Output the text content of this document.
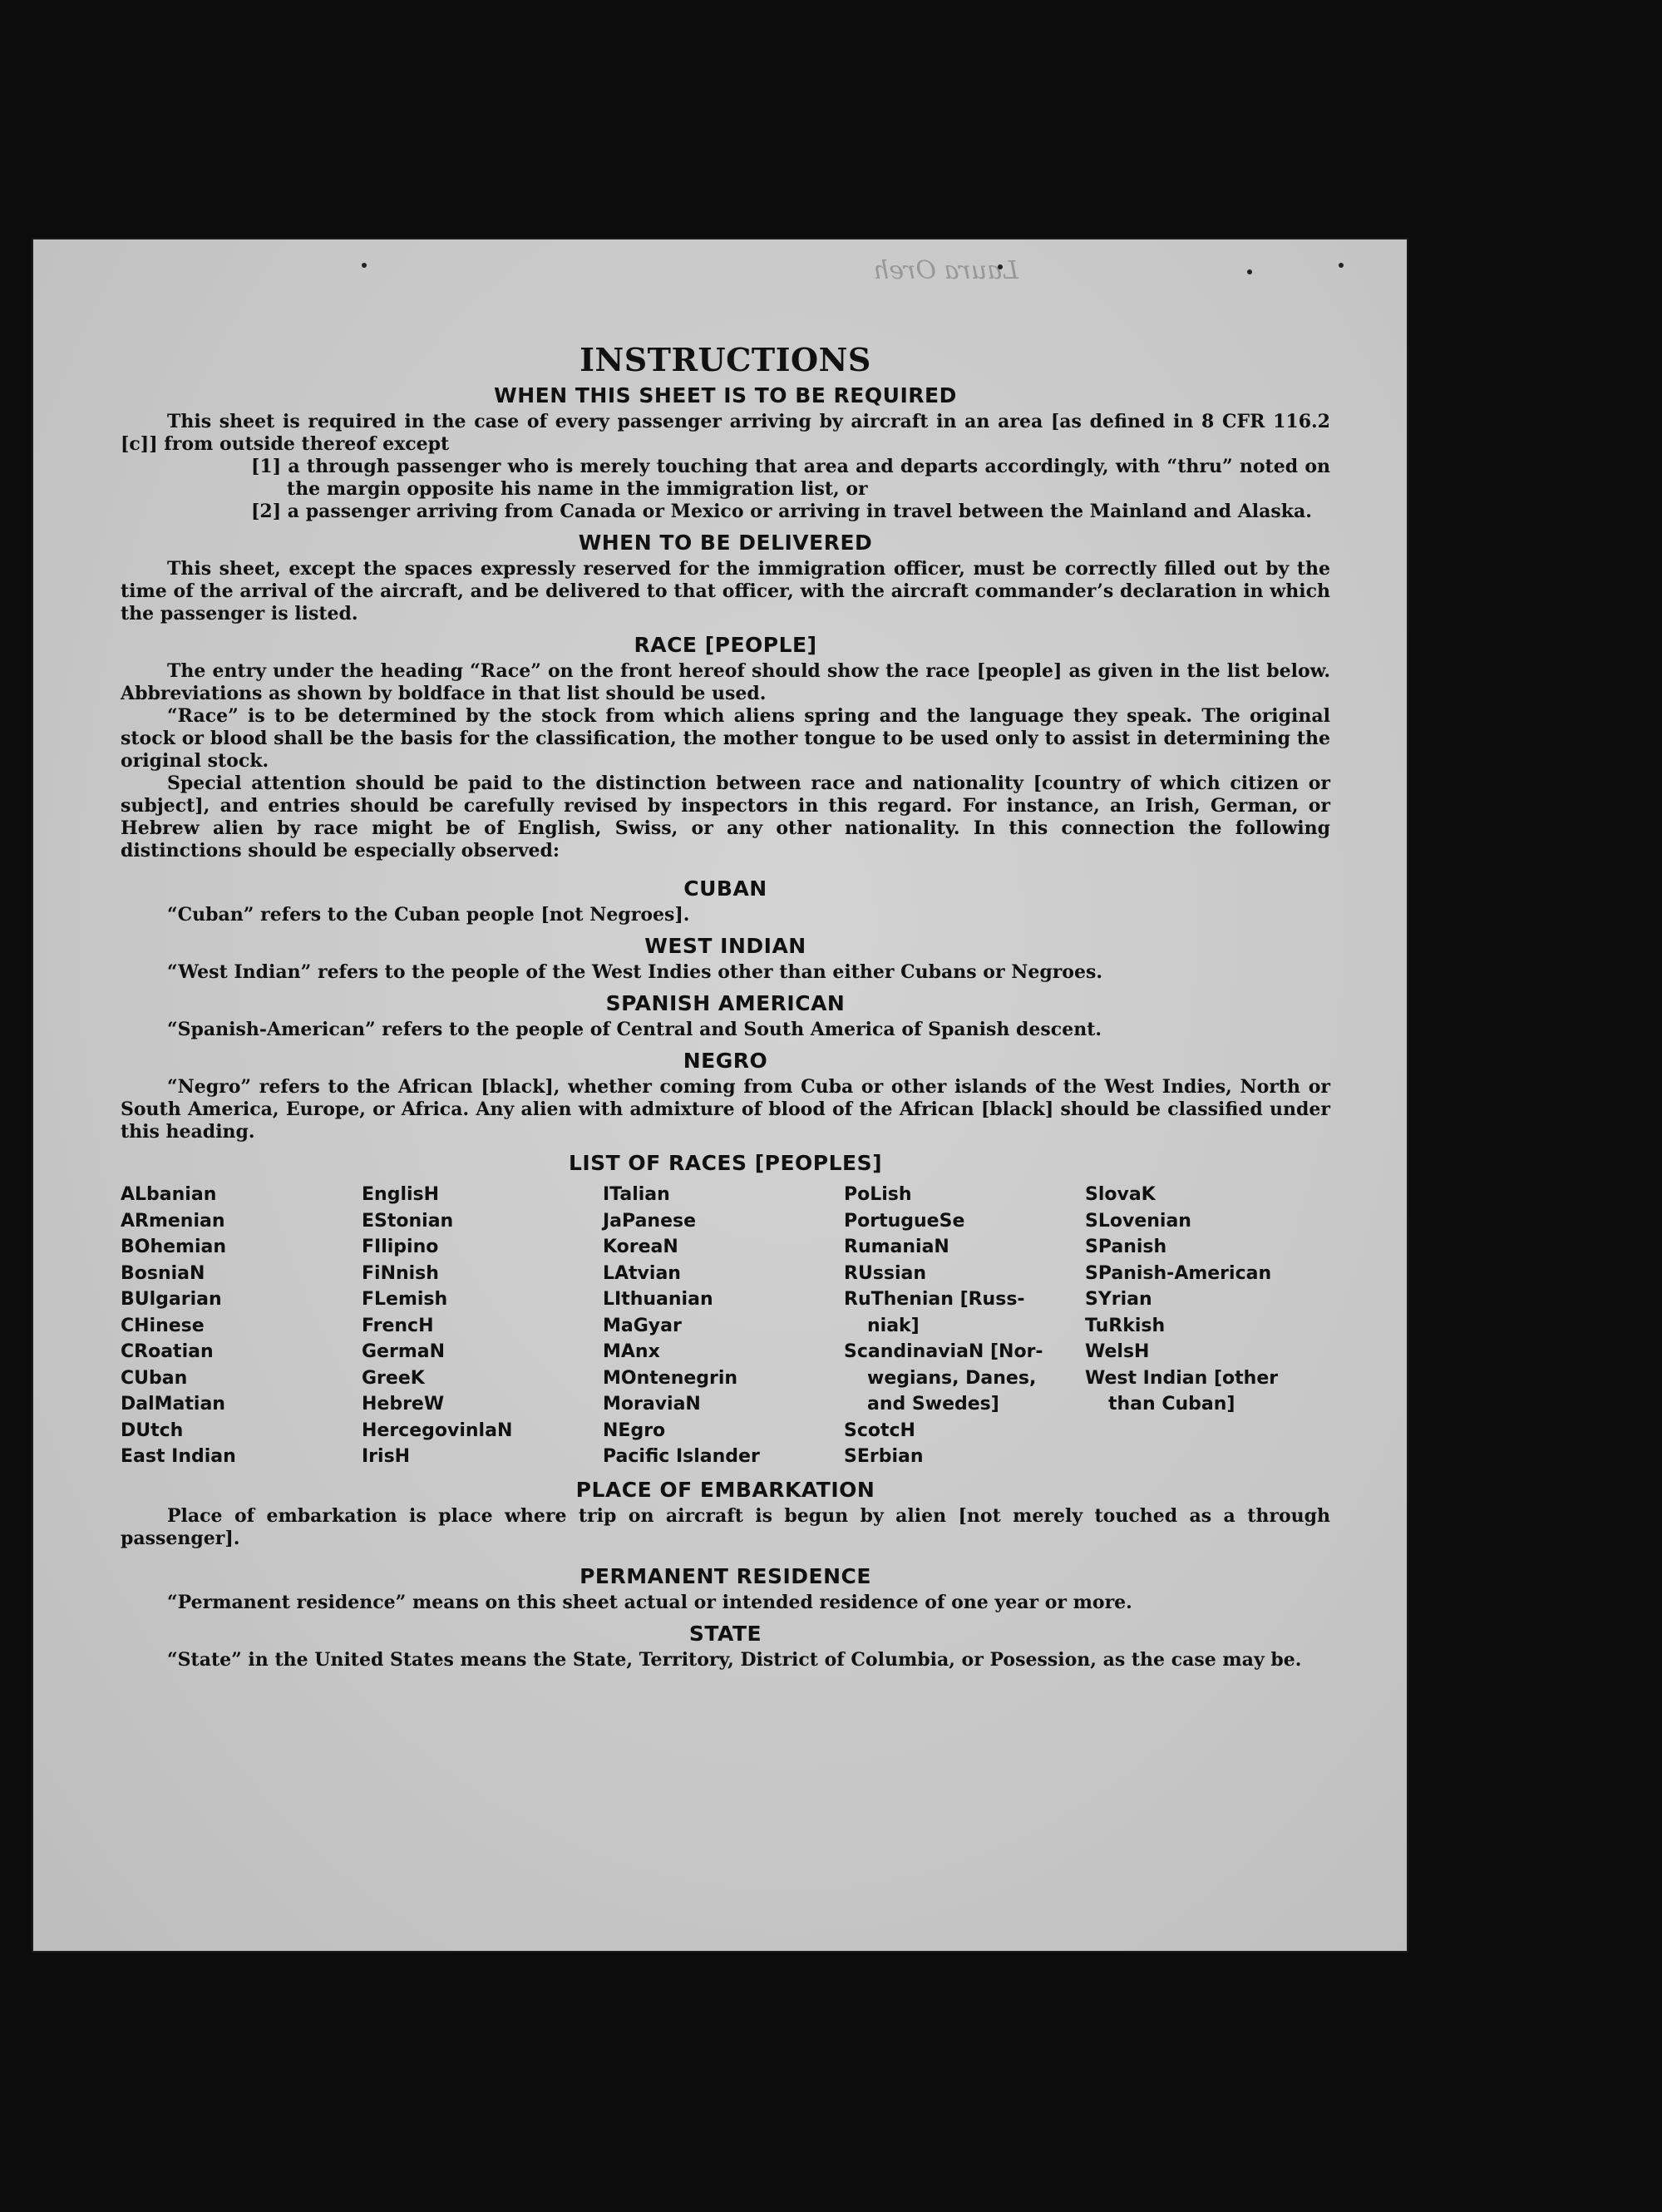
Laura Oreh
INSTRUCTIONS
WHEN THIS SHEET IS TO BE REQUIRED

This sheet is required in the case of every passenger arriving by aircraft in an area [as defined in 8 CFR 116.2 [c]] from outside thereof except

[1] a through passenger who is merely touching that area and departs accordingly, with “thru” noted on the margin opposite his name in the immigration list, or

[2] a passenger arriving from Canada or Mexico or arriving in travel between the Mainland and Alaska.

WHEN TO BE DELIVERED

This sheet, except the spaces expressly reserved for the immigration officer, must be correctly filled out by the time of the arrival of the aircraft, and be delivered to that officer, with the aircraft commander’s declaration in which the passenger is listed.

RACE [PEOPLE]

The entry under the heading “Race” on the front hereof should show the race [people] as given in the list below. Abbreviations as shown by boldface in that list should be used.

“Race” is to be determined by the stock from which aliens spring and the language they speak. The original stock or blood shall be the basis for the classification, the mother tongue to be used only to assist in determining the original stock.

Special attention should be paid to the distinction between race and nationality [country of which citizen or subject], and entries should be carefully revised by inspectors in this regard. For instance, an Irish, German, or Hebrew alien by race might be of English, Swiss, or any other nationality. In this connection the following distinctions should be especially observed:

CUBAN

“Cuban” refers to the Cuban people [not Negroes].

WEST INDIAN

“West Indian” refers to the people of the West Indies other than either Cubans or Negroes.

SPANISH AMERICAN

“Spanish-American” refers to the people of Central and South America of Spanish descent.

NEGRO

“Negro” refers to the African [black], whether coming from Cuba or other islands of the West Indies, North or South America, Europe, or Africa. Any alien with admixture of blood of the African [black] should be classified under this heading.

LIST OF RACES [PEOPLES]
ALbanian
ARmenian
BOhemian
BosniaN
BUlgarian
CHinese
CRoatian
CUban
DalMatian
DUtch
East Indian
EnglisH
EStonian
FIlipino
FiNnish
FLemish
FrencH
GermaN
GreeK
HebreW
HercegovinlaN
IrisH
ITalian
JaPanese
KoreaN
LAtvian
LIthuanian
MaGyar
MAnx
MOntenegrin
MoraviaN
NEgro
Pacific Islander
PoLish
PortugueSe
RumaniaN
RUssian
RuThenian [Russ-
niak]
ScandinaviaN [Nor-
wegians, Danes,
and Swedes]
ScotcH
SErbian
SlovaK
SLovenian
SPanish
SPanish-American
SYrian
TuRkish
WelsH
West Indian [other
than Cuban]
PLACE OF EMBARKATION

Place of embarkation is place where trip on aircraft is begun by alien [not merely touched as a through passenger].

PERMANENT RESIDENCE

“Permanent residence” means on this sheet actual or intended residence of one year or more.

STATE

“State” in the United States means the State, Territory, District of Columbia, or Posession, as the case may be.
